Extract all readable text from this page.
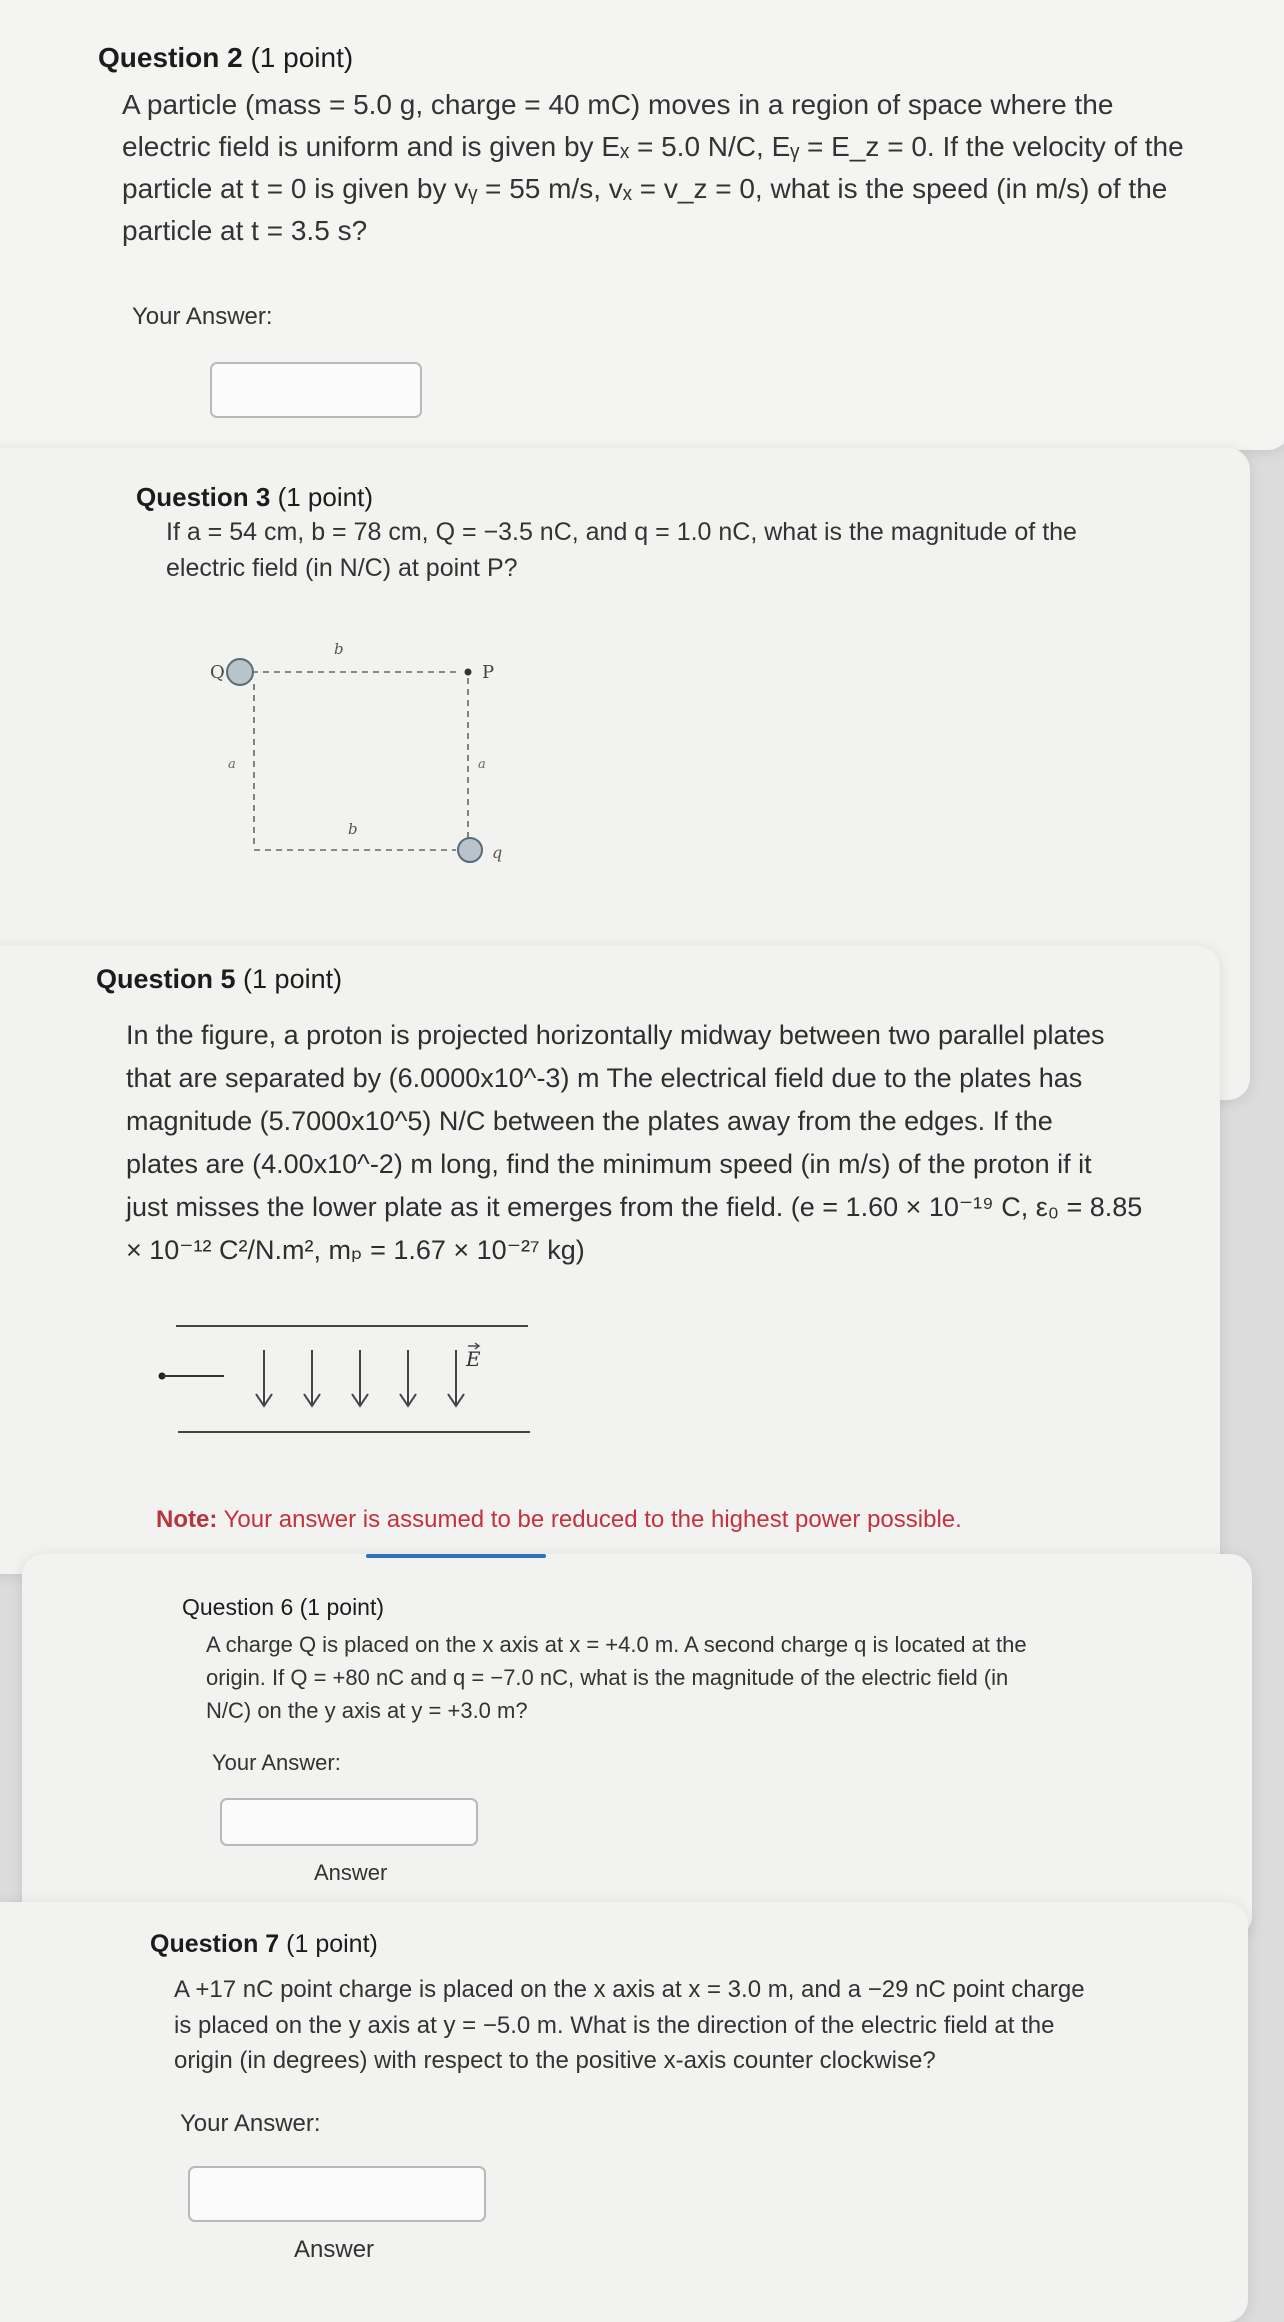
Question 2 (1 point)
A particle (mass = 5.0 g, charge = 40 mC) moves in a region of space where the
electric field is uniform and is given by Eₓ = 5.0 N/C, Eᵧ = E_z = 0. If the velocity of the
particle at t = 0 is given by vᵧ = 55 m/s, vₓ = v_z = 0, what is the speed (in m/s) of the
particle at t = 3.5 s?
Your Answer:
Question 3 (1 point)
If a = 54 cm, b = 78 cm, Q = −3.5 nC, and q = 1.0 nC, what is the magnitude of the
electric field (in N/C) at point P?
Q	P
q
b
b
a	a
Question 5 (1 point)
In the figure, a proton is projected horizontally midway between two parallel plates
that are separated by (6.0000x10^-3) m The electrical field due to the plates has
magnitude (5.7000x10^5) N/C between the plates away from the edges. If the
plates are (4.00x10^-2) m long, find the minimum speed (in m/s) of the proton if it
just misses the lower plate as it emerges from the field. (e = 1.60 × 10⁻¹⁹ C, ε₀ = 8.85
× 10⁻¹² C²/N.m², mₚ = 1.67 × 10⁻²⁷ kg)
E
Note: Your answer is assumed to be reduced to the highest power possible.
Question 6 (1 point)
A charge Q is placed on the x axis at x = +4.0 m. A second charge q is located at the
origin. If Q = +80 nC and q = −7.0 nC, what is the magnitude of the electric field (in
N/C) on the y axis at y = +3.0 m?
Your Answer:
Answer
Question 7 (1 point)
A +17 nC point charge is placed on the x axis at x = 3.0 m, and a −29 nC point charge
is placed on the y axis at y = −5.0 m. What is the direction of the electric field at the
origin (in degrees) with respect to the positive x-axis counter clockwise?
Your Answer:
Answer
